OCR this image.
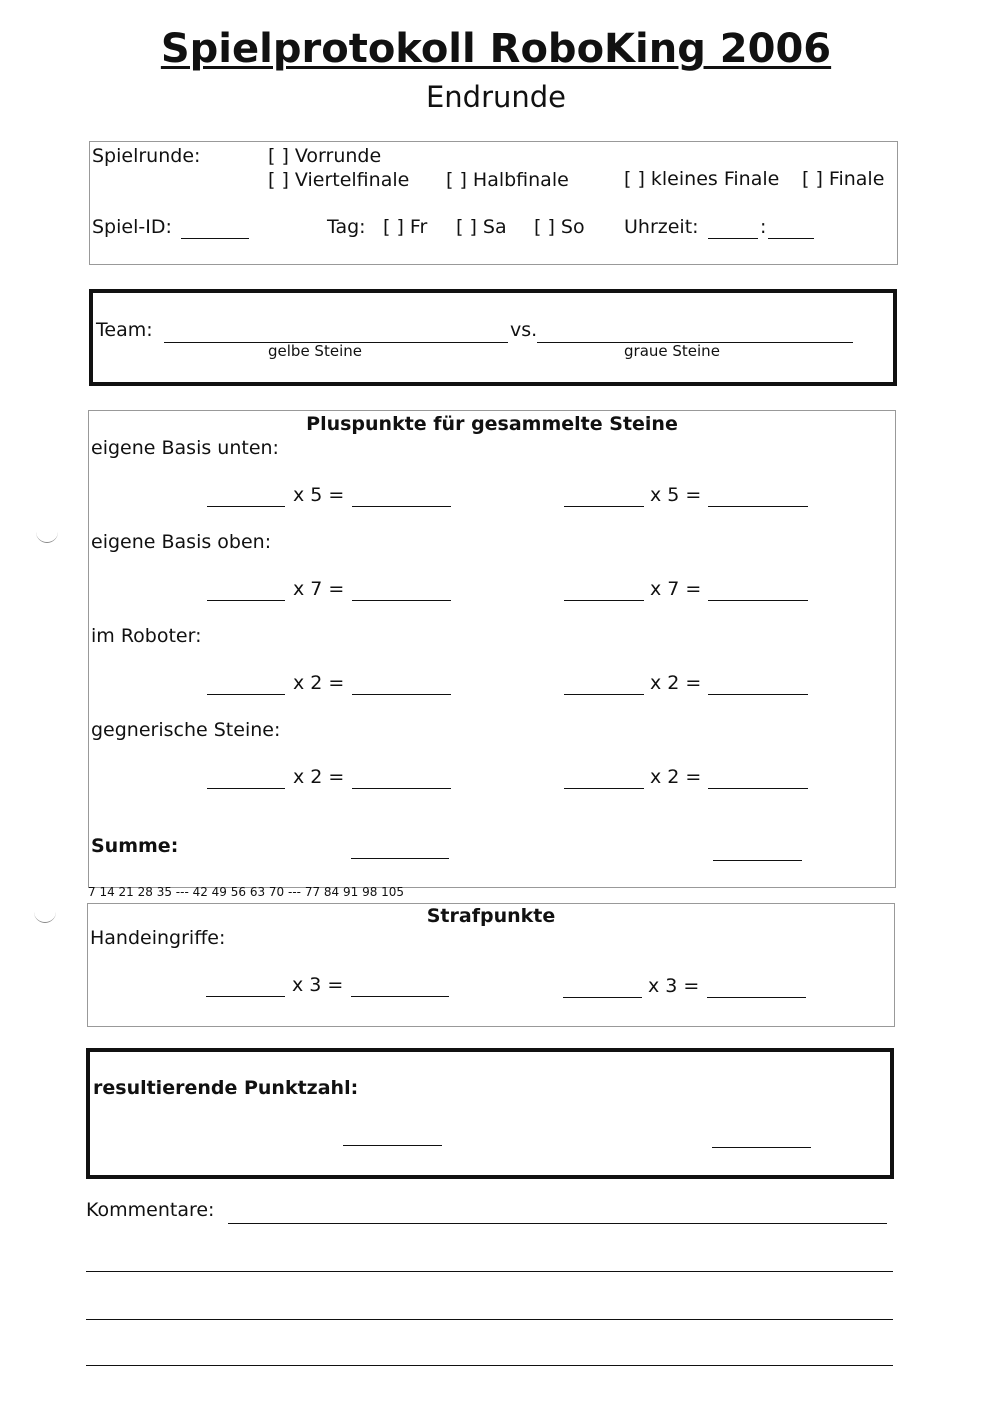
Spielprotokoll RoboKing 2006
Endrunde
Spielrunde:	[ ] Vorrunde
[ ] Viertelfinale [ ] Halbfinale	[ ] kleines Finale [ ] Finale
Spiel-ID:	Tag: [ ] Fr [ ] Sa [ ] So Uhrzeit:	:
Team:	vs.
gelbe Steine	graue Steine
Pluspunkte für gesammelte Steine
eigene Basis unten:
x 5 =	x 5 =
eigene Basis oben:
x 7 =	x 7 =
im Roboter:
x 2 =	x 2 =
gegnerische Steine:
x 2 =	x 2 =
Summe:
7 14 21 28 35 --- 42 49 56 63 70 --- 77 84 91 98 105
Strafpunkte
Handeingriffe:
x 3 =	x 3 =
resultierende Punktzahl:
Kommentare:
